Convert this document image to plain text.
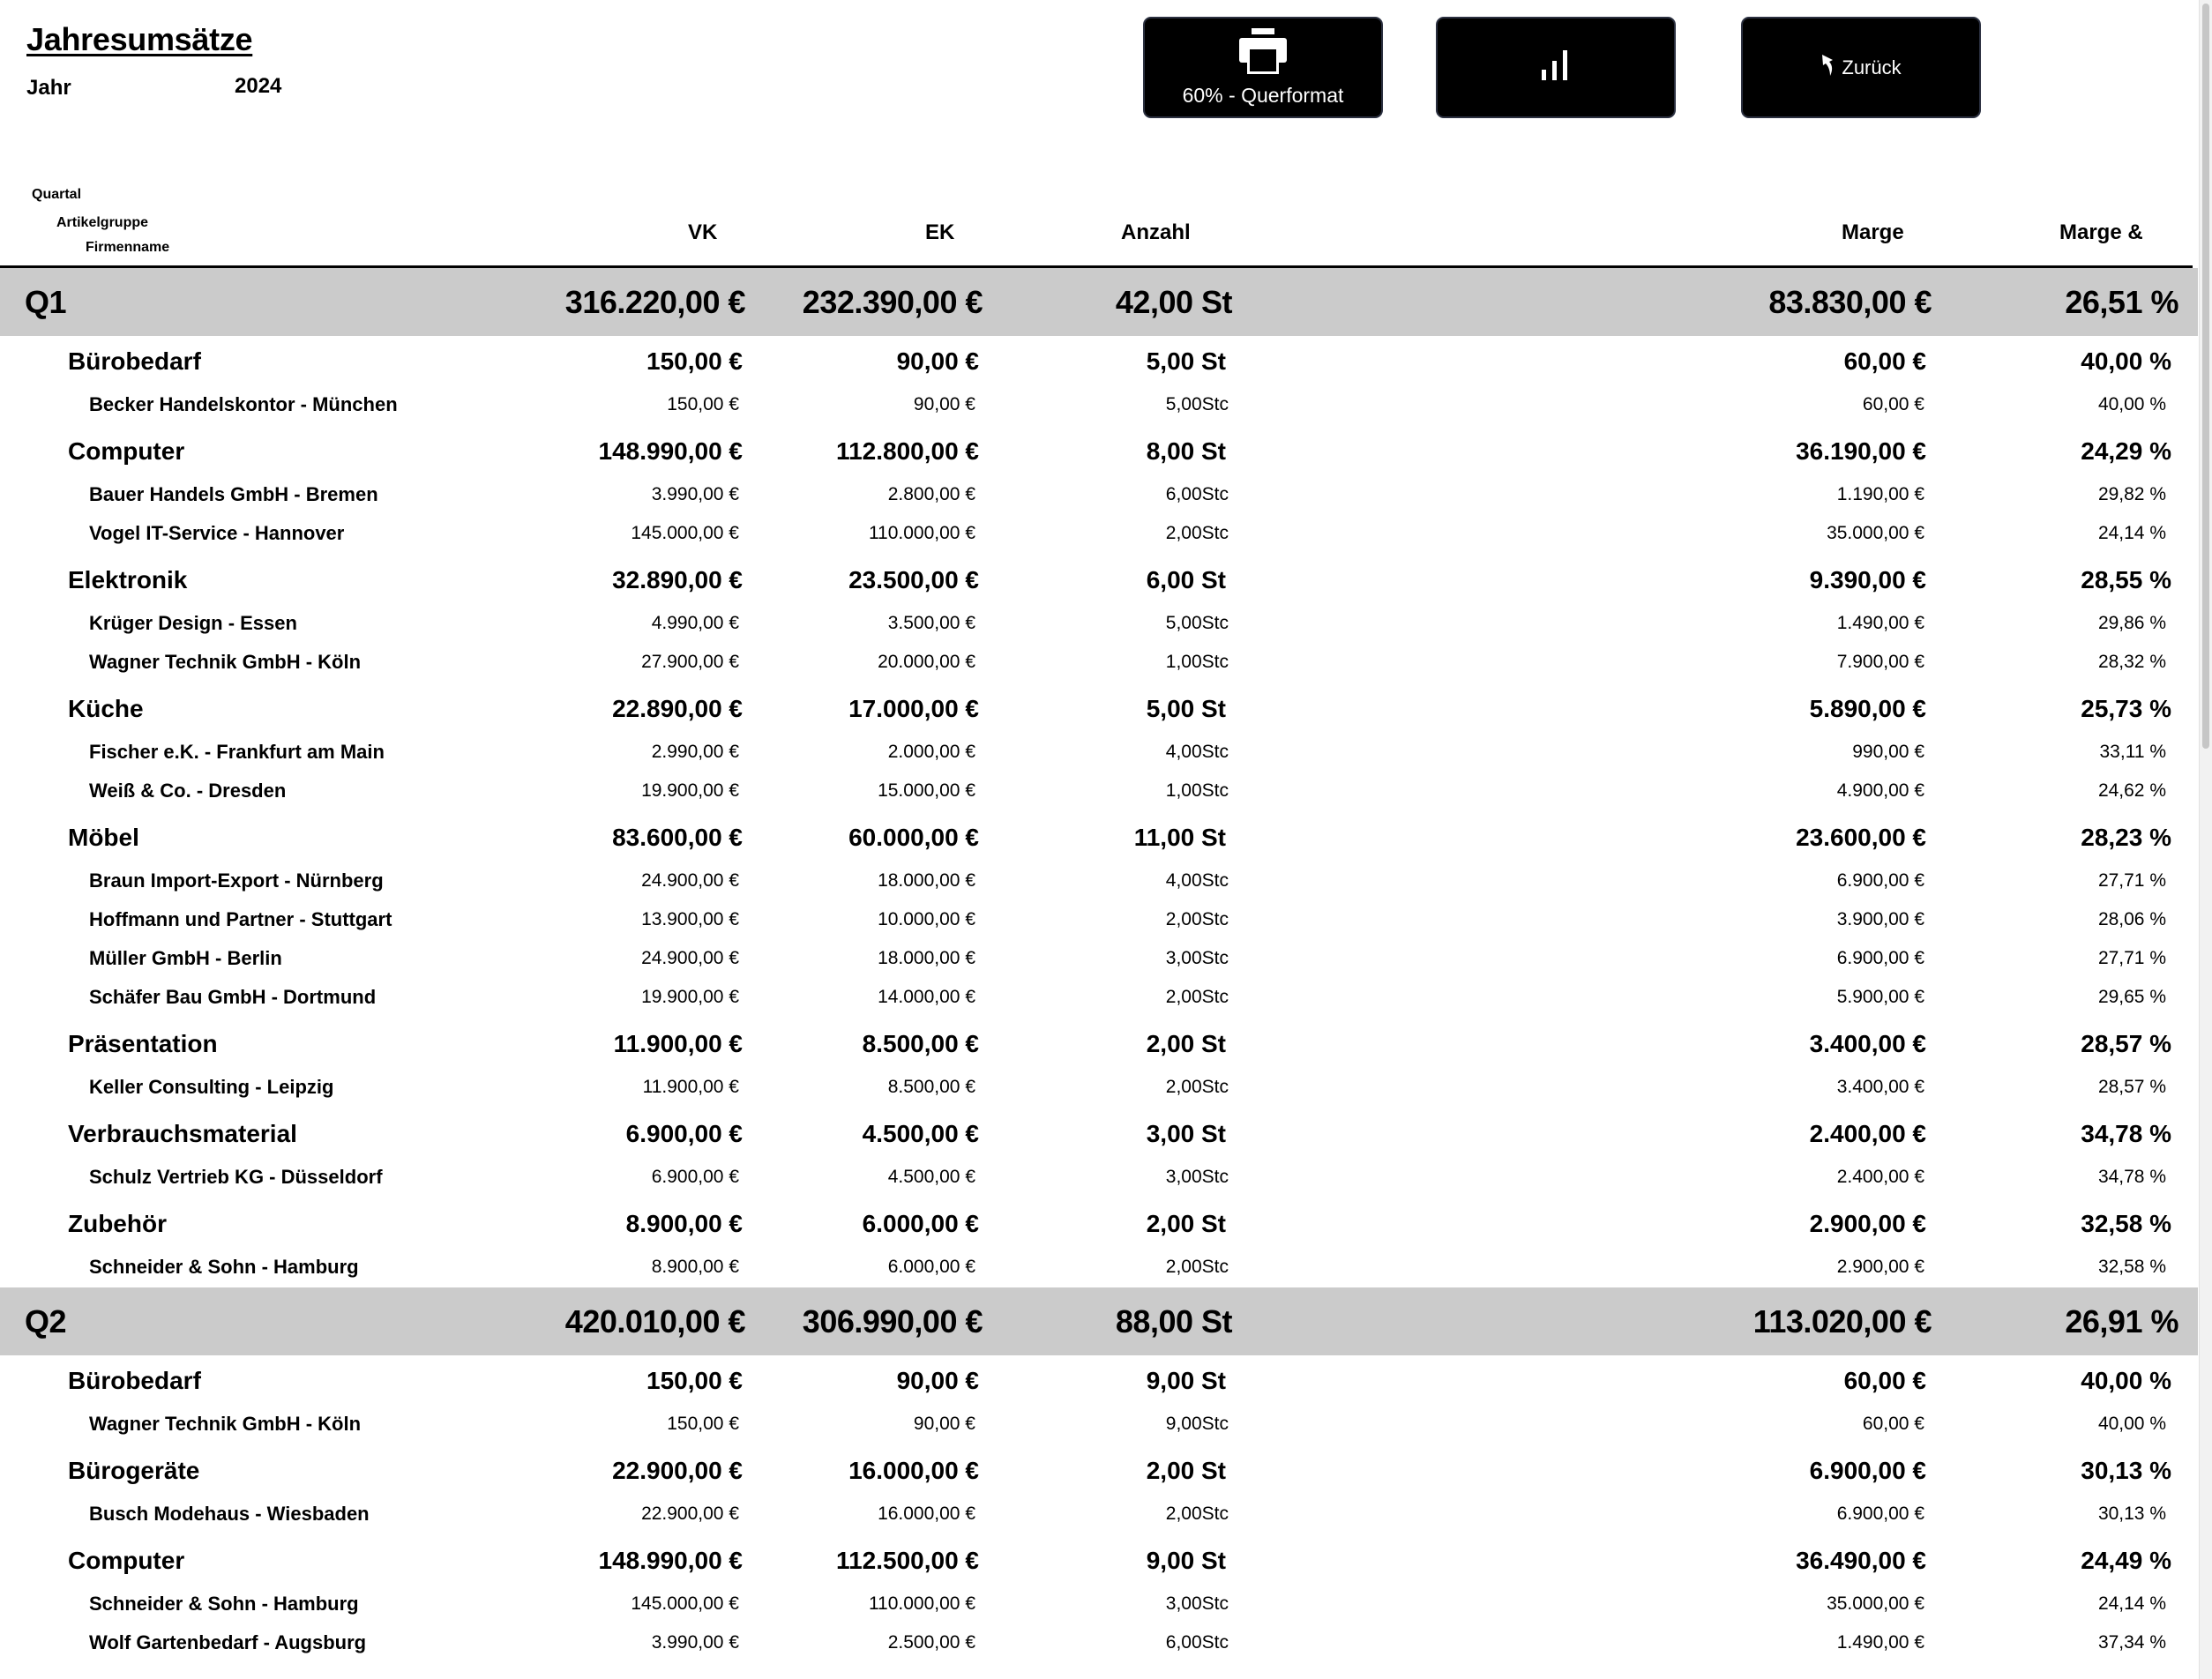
Jahresumsätze
Jahr	2024	60% - Querformat
Zurück
Quartal
Artikelgruppe
Firmenname
VK	EK	Anzahl	Marge	Marge &
Q1	316.220,00 € 232.390,00 €	42,00 St	83.830,00 €	26,51 %
Bürobedarf	150,00 €	90,00 €	5,00 St	60,00 €	40,00 %
Becker Handelskontor - München	150,00 €	90,00 €	5,00Stc	60,00 €	40,00 %
Computer	148.990,00 €	112.800,00 €	8,00 St	36.190,00 €	24,29 %
Bauer Handels GmbH - Bremen	3.990,00 €	2.800,00 €	6,00Stc	1.190,00 €	29,82 %
Vogel IT-Service - Hannover	145.000,00 €	110.000,00 €	2,00Stc	35.000,00 €	24,14 %
Elektronik	32.890,00 €	23.500,00 €	6,00 St	9.390,00 €	28,55 %
Krüger Design - Essen	4.990,00 €	3.500,00 €	5,00Stc	1.490,00 €	29,86 %
Wagner Technik GmbH - Köln	27.900,00 €	20.000,00 €	1,00Stc	7.900,00 €	28,32 %
Küche	22.890,00 €	17.000,00 €	5,00 St	5.890,00 €	25,73 %
Fischer e.K. - Frankfurt am Main	2.990,00 €	2.000,00 €	4,00Stc	990,00 €	33,11 %
Weiß & Co. - Dresden	19.900,00 €	15.000,00 €	1,00Stc	4.900,00 €	24,62 %
Möbel	83.600,00 €	60.000,00 €	11,00 St	23.600,00 €	28,23 %
Braun Import-Export - Nürnberg	24.900,00 €	18.000,00 €	4,00Stc	6.900,00 €	27,71 %
Hoffmann und Partner - Stuttgart	13.900,00 €	10.000,00 €	2,00Stc	3.900,00 €	28,06 %
Müller GmbH - Berlin	24.900,00 €	18.000,00 €	3,00Stc	6.900,00 €	27,71 %
Schäfer Bau GmbH - Dortmund	19.900,00 €	14.000,00 €	2,00Stc	5.900,00 €	29,65 %
Präsentation	11.900,00 €	8.500,00 €	2,00 St	3.400,00 €	28,57 %
Keller Consulting - Leipzig	11.900,00 €	8.500,00 €	2,00Stc	3.400,00 €	28,57 %
Verbrauchsmaterial	6.900,00 €	4.500,00 €	3,00 St	2.400,00 €	34,78 %
Schulz Vertrieb KG - Düsseldorf	6.900,00 €	4.500,00 €	3,00Stc	2.400,00 €	34,78 %
Zubehör	8.900,00 €	6.000,00 €	2,00 St	2.900,00 €	32,58 %
Schneider & Sohn - Hamburg	8.900,00 €	6.000,00 €	2,00Stc	2.900,00 €	32,58 %
Q2	420.010,00 € 306.990,00 €	88,00 St	113.020,00 €	26,91 %
Bürobedarf	150,00 €	90,00 €	9,00 St	60,00 €	40,00 %
Wagner Technik GmbH - Köln	150,00 €	90,00 €	9,00Stc	60,00 €	40,00 %
Bürogeräte	22.900,00 €	16.000,00 €	2,00 St	6.900,00 €	30,13 %
Busch Modehaus - Wiesbaden	22.900,00 €	16.000,00 €	2,00Stc	6.900,00 €	30,13 %
Computer	148.990,00 €	112.500,00 €	9,00 St	36.490,00 €	24,49 %
Schneider & Sohn - Hamburg	145.000,00 €	110.000,00 €	3,00Stc	35.000,00 €	24,14 %
Wolf Gartenbedarf - Augsburg	3.990,00 €	2.500,00 €	6,00Stc	1.490,00 €	37,34 %
